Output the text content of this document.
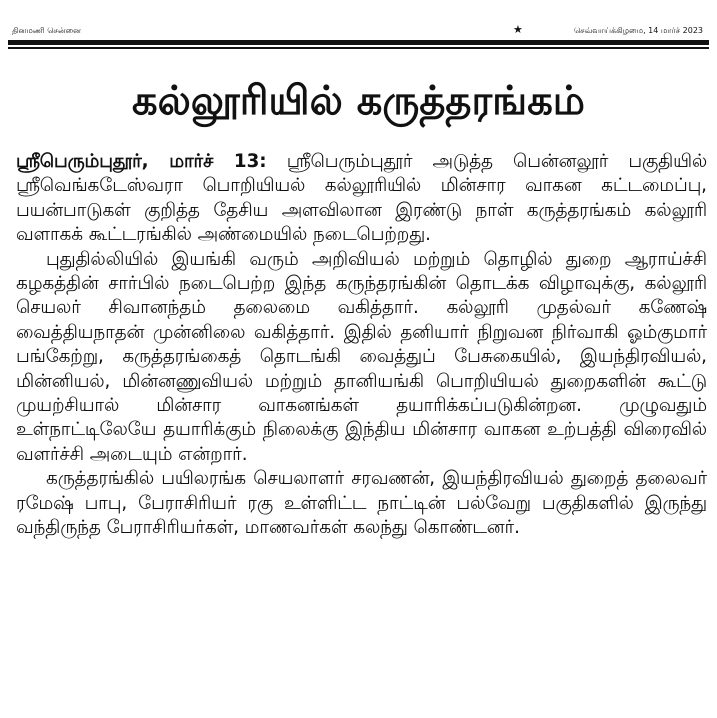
தினமணி சென்னை	★	செவ்வாய்க்கிழமை, 14 மார்ச் 2023
கல்லூரியில் கருத்தரங்கம்

ஸ்ரீபெரும்புதூர், மார்ச் 13: ஸ்ரீபெரும்புதூர் அடுத்த பென்னலூர் பகுதியில் ஸ்ரீவெங்கடேஸ்வரா பொறியியல் கல்லூரியில் மின்சார வாகன கட்டமைப்பு, பயன்பாடுகள் குறித்த தேசிய அளவிலான இரண்டு நாள் கருத்தரங்கம் கல்லூரி வளாகக் கூட்டரங்கில் அண்மையில் நடைபெற்றது.

புதுதில்லியில் இயங்கி வரும் அறிவியல் மற்றும் தொழில் துறை ஆராய்ச்சி கழகத்தின் சார்பில் நடைபெற்ற இந்த கருந்தரங்கின் தொடக்க விழாவுக்கு, கல்லூரி செயலர் சிவானந்தம் தலைமை வகித்தார். கல்லூரி முதல்வர் கணேஷ் வைத்தியநாதன் முன்னிலை வகித்தார். இதில் தனியார் நிறுவன நிர்வாகி ஓம்குமார் பங்கேற்று, கருத்தரங்கைத் தொடங்கி வைத்துப் பேசுகையில், இயந்திரவியல், மின்னியல், மின்னணுவியல் மற்றும் தானியங்கி பொறியியல் துறைகளின் கூட்டு முயற்சியால் மின்சார வாகனங்கள் தயாரிக்கப்படுகின்றன. முழுவதும் உள்நாட்டிலேயே தயாரிக்கும் நிலைக்கு இந்திய மின்சார வாகன உற்பத்தி விரைவில் வளர்ச்சி அடையும் என்றார்.

கருத்தரங்கில் பயிலரங்க செயலாளர் சரவணன், இயந்திரவியல் துறைத் தலைவர் ரமேஷ் பாபு, பேராசிரியர் ரகு உள்ளிட்ட நாட்டின் பல்வேறு பகுதிகளில் இருந்து வந்திருந்த பேராசிரியர்கள், மாணவர்கள் கலந்து கொண்டனர்.
